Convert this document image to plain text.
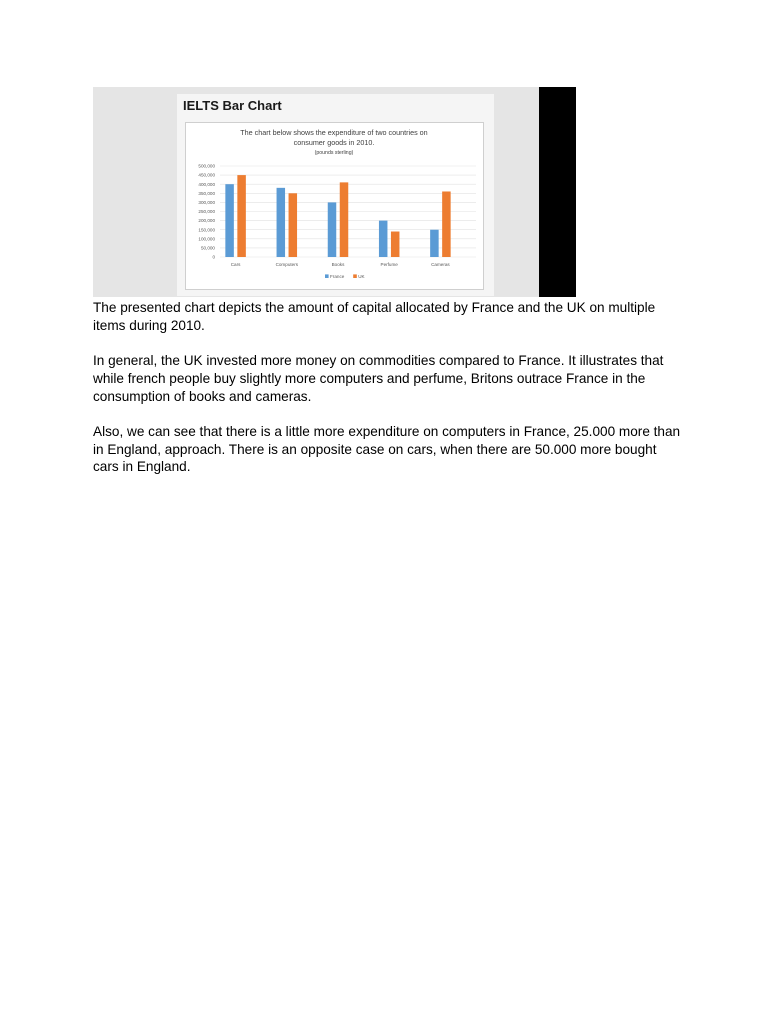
IELTS Bar Chart
The chart below shows the expenditure of two countries on
consumer goods in 2010.
(pounds sterling)
0
50,000
100,000
150,000
200,000
250,000
300,000
350,000
400,000
450,000
500,000
Cars	Computers	Books	Perfume	Cameras
France	UK

The presented chart depicts the amount of capital allocated by France and the UK on multiple items during 2010.

In general, the UK invested more money on commodities compared to France. It illustrates that while french people buy slightly more computers and perfume, Britons outrace France in the consumption of books and cameras.

Also, we can see that there is a little more expenditure on computers in France, 25.000 more than in England, approach. There is an opposite case on cars, when there are 50.000 more bought cars in England.
